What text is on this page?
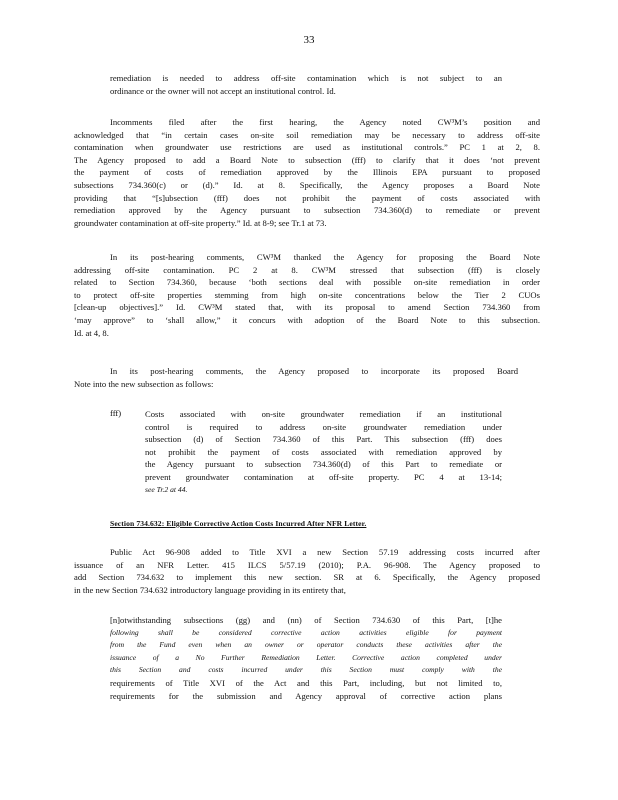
33
remediation is needed to address off-site contamination which is not subject to an
ordinance or the owner will not accept an institutional control. Id.
Incomments filed after the first hearing, the Agency noted CW³M’s position and
acknowledged that “in certain cases on-site soil remediation may be necessary to address off-site
contamination when groundwater use restrictions are used as institutional controls.” PC 1 at 2, 8.
The Agency proposed to add a Board Note to subsection (fff) to clarify that it does ‘not prevent
the payment of costs of remediation approved by the Illinois EPA pursuant to proposed
subsections 734.360(c) or (d).” Id. at 8. Specifically, the Agency proposes a Board Note
providing that “[s]ubsection (fff) does not prohibit the payment of costs associated with
remediation approved by the Agency pursuant to subsection 734.360(d) to remediate or prevent
groundwater contamination at off-site property.” Id. at 8-9; see Tr.1 at 73.
In its post-hearing comments, CW³M thanked the Agency for proposing the Board Note
addressing off-site contamination. PC 2 at 8. CW³M stressed that subsection (fff) is closely
related to Section 734.360, because ‘both sections deal with possible on-site remediation in order
to protect off-site properties stemming from high on-site concentrations below the Tier 2 CUOs
[clean-up objectives].” Id. CW³M stated that, with its proposal to amend Section 734.360 from
‘may approve” to ‘shall allow,” it concurs with adoption of the Board Note to this subsection.
Id. at 4, 8.
In its post-hearing comments, the Agency proposed to incorporate its proposed Board
Note into the new subsection as follows:
fff)	Costs associated with on-site groundwater remediation if an institutional
control is required to address on-site groundwater remediation under
subsection (d) of Section 734.360 of this Part. This subsection (fff) does
not prohibit the payment of costs associated with remediation approved by
the Agency pursuant to subsection 734.360(d) of this Part to remediate or
prevent groundwater contamination at off-site property. PC 4 at 13-14;
see Tr.2 at 44.
Section 734.632: Eligible Corrective Action Costs Incurred After NFR Letter.
Public Act 96-908 added to Title XVI a new Section 57.19 addressing costs incurred after
issuance of an NFR Letter. 415 ILCS 5/57.19 (2010); P.A. 96-908. The Agency proposed to
add Section 734.632 to implement this new section. SR at 6. Specifically, the Agency proposed
in the new Section 734.632 introductory language providing in its entirety that,
[n]otwithstanding subsections (gg) and (nn) of Section 734.630 of this Part, [t]he
following shall be considered corrective action activities eligible for payment
from the Fund even when an owner or operator conducts these activities after the
issuance of a No Further Remediation Letter. Corrective action completed under
this Section and costs incurred under this Section must comply with the
requirements of Title XVI of the Act and this Part, including, but not limited to,
requirements for the submission and Agency approval of corrective action plans
